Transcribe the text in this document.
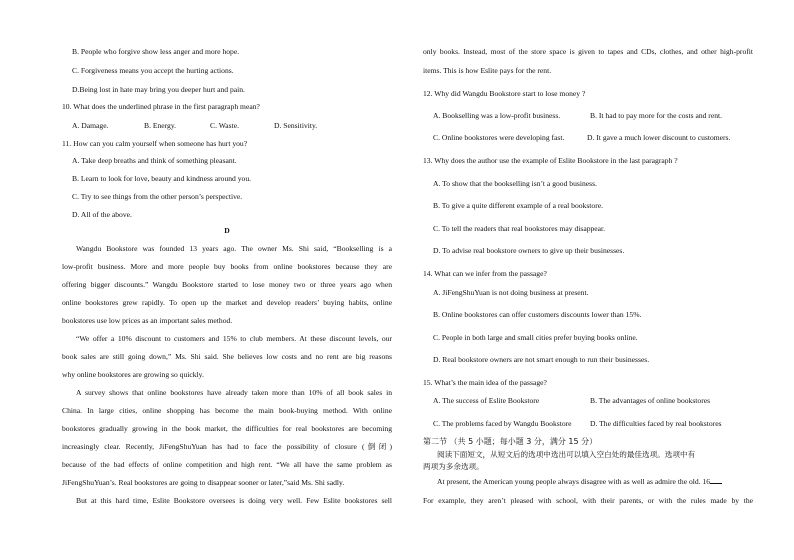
B. People who forgive show less anger and more hope.
C. Forgiveness means you accept the hurting actions.
D.Being lost in hate may bring you deeper hurt and pain.
10. What does the underlined phrase in the first paragraph mean?
A. Damage.	B. Energy.	C. Waste.	D. Sensitivity.
11. How can you calm yourself when someone has hurt you?
A. Take deep breaths and think of something pleasant.
B. Learn to look for love, beauty and kindness around you.
C. Try to see things from the other person’s perspective.
D. All of the above.
D
Wangdu Bookstore was founded 13 years ago. The owner Ms. Shi said, “Bookselling is a
low-profit business. More and more people buy books from online bookstores because they are
offering bigger discounts.” Wangdu Bookstore started to lose money two or three years ago when
online bookstores grew rapidly. To open up the market and develop readers’ buying habits, online
bookstores use low prices as an important sales method.
“We offer a 10% discount to customers and 15% to club members. At these discount levels, our
book sales are still going down,” Ms. Shi said. She believes low costs and no rent are big reasons
why online bookstores are growing so quickly.
A survey shows that online bookstores have already taken more than 10% of all book sales in
China. In large cities, online shopping has become the main book-buying method. With online
bookstores gradually growing in the book market, the difficulties for real bookstores are becoming
increasingly clear. Recently, JiFengShuYuan has had to face the possibility of closure (倒闭)
because of the bad effects of online competition and high rent. “We all have the same problem as
JiFengShuYuan’s. Real bookstores are going to disappear sooner or later,”said Ms. Shi sadly.
But at this hard time, Eslite Bookstore oversees is doing very well. Few Eslite bookstores sell
only books. Instead, most of the store space is given to tapes and CDs, clothes, and other high-profit
items. This is how Eslite pays for the rent.
12. Why did Wangdu Bookstore start to lose money ?
A. Bookselling was a low-profit business.	B. It had to pay more for the costs and rent.
C. Online bookstores were developing fast.	D. It gave a much lower discount to customers.
13. Why does the author use the example of Eslite Bookstore in the last paragraph ?
A. To show that the bookselling isn’t a good business.
B. To give a quite different example of a real bookstore.
C. To tell the readers that real bookstores may disappear.
D. To advise real bookstore owners to give up their businesses.
14. What can we infer from the passage?
A. JiFengShuYuan is not doing business at present.
B. Online bookstores can offer customers discounts lower than 15%.
C. People in both large and small cities prefer buying books online.
D. Real bookstore owners are not smart enough to run their businesses.
15. What’s the main idea of the passage?
A. The success of Eslite Bookstore	B. The advantages of online bookstores
C. The problems faced by Wangdu Bookstore D. The difficulties faced by real bookstores
第二节 （共 5 小题；每小题 3 分，满分 15 分）
阅读下面短文，从短文后的选项中选出可以填入空白处的最佳选项。选项中有
两项为多余选项。
At present, the American young people always disagree with as well as admire the old. 16
For example, they aren’t pleased with school, with their parents, or with the rules made by the
